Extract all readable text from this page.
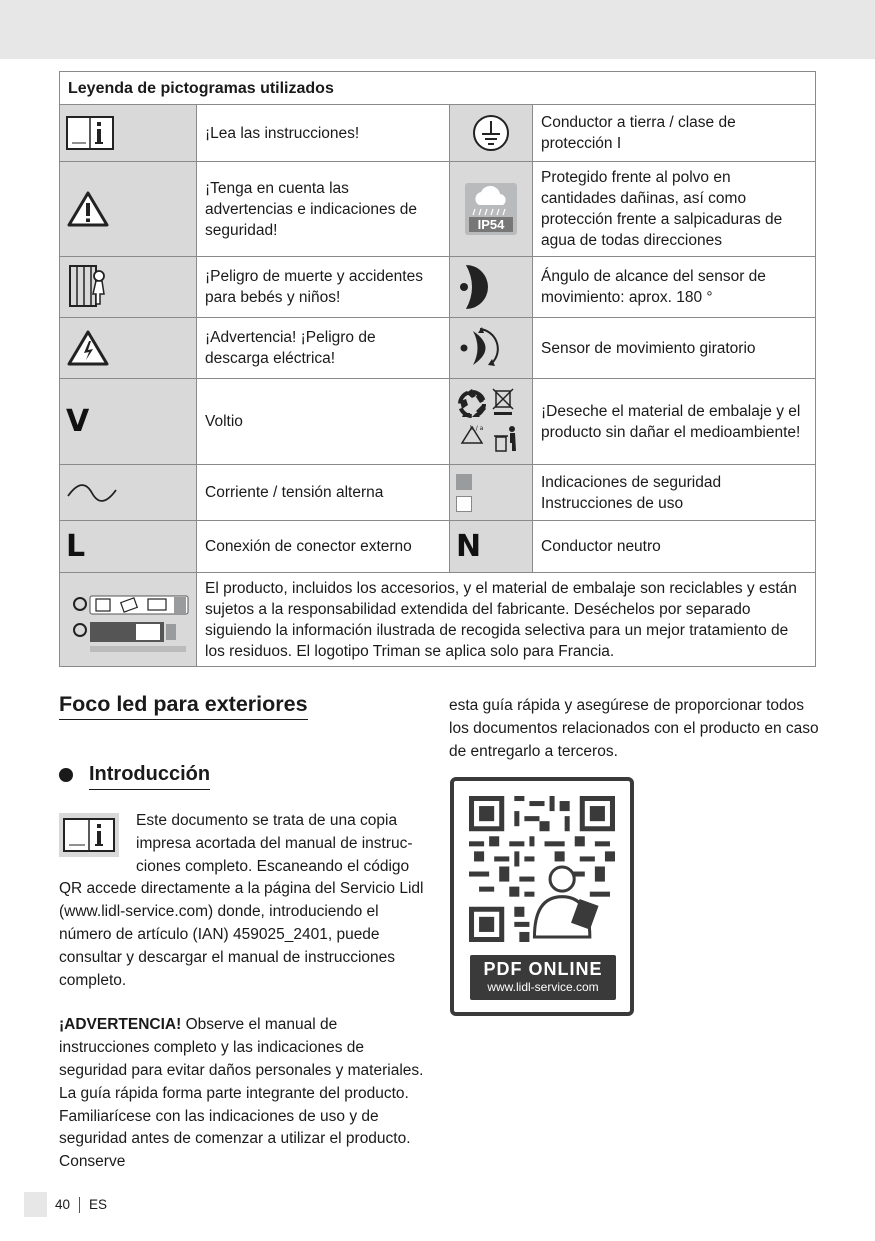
Leyenda de pictogramas utilizados			

	¡Lea las instrucciones!		Conductor a tierra / clase de protección I

	¡Tenga en cuenta las advertencias e indicaciones de seguridad!	IP54	Protegido frente al polvo en cantidades dañinas, así como protección frente a salpicaduras de agua de todas direcciones

	¡Peligro de muerte y accidentes para bebés y niños!		Ángulo de alcance del sensor de movimiento: aprox. 180 °

	¡Advertencia! ¡Peligro de descarga eléctrica!		Sensor de movimiento giratorio

V	Voltio	b / a	¡Deseche el material de embalaje y el producto sin dañar el medioambiente!

	Corriente / tensión alterna		Indicaciones de seguridad Instrucciones de uso

L	Conexión de conector externo	N	Conductor neutro

	El producto, incluidos los accesorios, y el material de embalaje son reciclables y están sujetos a la responsabilidad extendida del fabricante. Deséchelos por separado siguiendo la información ilustrada de recogida selectiva para un mejor tratamiento de los residuos. El logotipo Triman se aplica solo para Francia.		
Foco led para exteriores
Introducción
Este documento se trata de una copia
impresa acortada del manual de instruc-
ciones completo. Escaneando el código
QR accede directamente a la página del Servicio Lidl (www.lidl-service.com) donde, introduciendo el número de artículo (IAN) 459025_2401, puede consultar y descargar el manual de instrucciones completo.
¡ADVERTENCIA! Observe el manual de instrucciones completo y las indicaciones de seguridad para evitar daños personales y materiales. La guía rápida forma parte integrante del producto. Familiarícese con las indicaciones de uso y de seguridad antes de comenzar a utilizar el producto. Conserve
esta guía rápida y asegúrese de proporcionar todos los documentos relacionados con el producto en caso de entregarlo a terceros.
PDF ONLINE
www.lidl-service.com
40 ES
